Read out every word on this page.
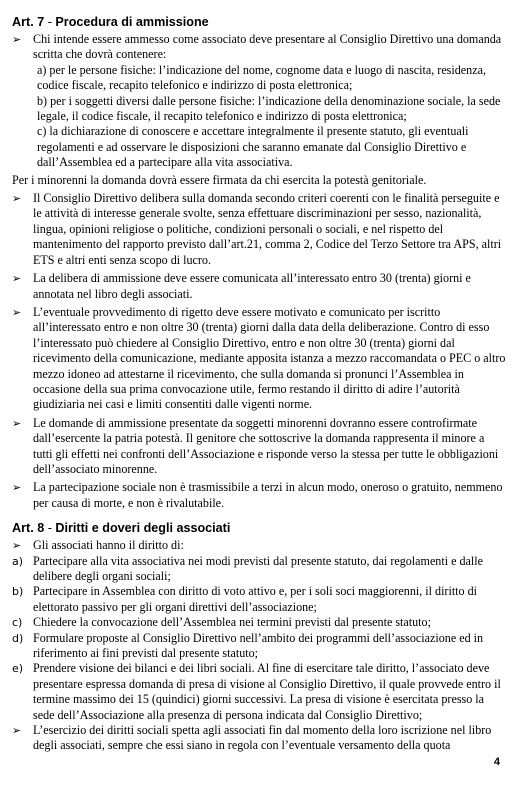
Art. 7 - Procedura di ammissione
➢ Chi intende essere ammesso come associato deve presentare al Consiglio Direttivo una domanda scritta che dovrà contenere:
a) per le persone fisiche: l’indicazione del nome, cognome data e luogo di nascita, residenza, codice fiscale, recapito telefonico e indirizzo di posta elettronica;
b) per i soggetti diversi dalle persone fisiche: l’indicazione della denominazione sociale, la sede legale, il codice fiscale, il recapito telefonico e indirizzo di posta elettronica;
c) la dichiarazione di conoscere e accettare integralmente il presente statuto, gli eventuali regolamenti e ad osservare le disposizioni che saranno emanate dal Consiglio Direttivo e dall’Assemblea ed a partecipare alla vita associativa.
Per i minorenni la domanda dovrà essere firmata da chi esercita la potestà genitoriale.
➢ Il Consiglio Direttivo delibera sulla domanda secondo criteri coerenti con le finalità perseguite e le attività di interesse generale svolte, senza effettuare discriminazioni per sesso, nazionalità, lingua, opinioni religiose o politiche, condizioni personali o sociali, e nel rispetto del mantenimento del rapporto previsto dall’art.21, comma 2, Codice del Terzo Settore tra APS, altri ETS e altri enti senza scopo di lucro.
➢ La delibera di ammissione deve essere comunicata all’interessato entro 30 (trenta) giorni e annotata nel libro degli associati.
➢ L’eventuale provvedimento di rigetto deve essere motivato e comunicato per iscritto all’interessato entro e non oltre 30 (trenta) giorni dalla data della deliberazione. Contro di esso l’interessato può chiedere al Consiglio Direttivo, entro e non oltre 30 (trenta) giorni dal ricevimento della comunicazione, mediante apposita istanza a mezzo raccomandata o PEC o altro mezzo idoneo ad attestarne il ricevimento, che sulla domanda si pronunci l’Assemblea in occasione della sua prima convocazione utile, fermo restando il diritto di adire l’autorità giudiziaria nei casi e limiti consentiti dalle vigenti norme.
➢ Le domande di ammissione presentate da soggetti minorenni dovranno essere controfirmate dall’esercente la patria potestà. Il genitore che sottoscrive la domanda rappresenta il minore a tutti gli effetti nei confronti dell’Associazione e risponde verso la stessa per tutte le obbligazioni dell’associato minorenne.
➢ La partecipazione sociale non è trasmissibile a terzi in alcun modo, oneroso o gratuito, nemmeno per causa di morte, e non è rivalutabile.
Art. 8 - Diritti e doveri degli associati
➢ Gli associati hanno il diritto di:
a) Partecipare alla vita associativa nei modi previsti dal presente statuto, dai regolamenti e dalle delibere degli organi sociali;
b) Partecipare in Assemblea con diritto di voto attivo e, per i soli soci maggiorenni, il diritto di elettorato passivo per gli organi direttivi dell’associazione;
c) Chiedere la convocazione dell’Assemblea nei termini previsti dal presente statuto;
d) Formulare proposte al Consiglio Direttivo nell’ambito dei programmi dell’associazione ed in riferimento ai fini previsti dal presente statuto;
e) Prendere visione dei bilanci e dei libri sociali. Al fine di esercitare tale diritto, l’associato deve presentare espressa domanda di presa di visione al Consiglio Direttivo, il quale provvede entro il termine massimo dei 15 (quindici) giorni successivi. La presa di visione è esercitata presso la sede dell’Associazione alla presenza di persona indicata dal Consiglio Direttivo;
➢ L’esercizio dei diritti sociali spetta agli associati fin dal momento della loro iscrizione nel libro degli associati, sempre che essi siano in regola con l’eventuale versamento della quota
4
